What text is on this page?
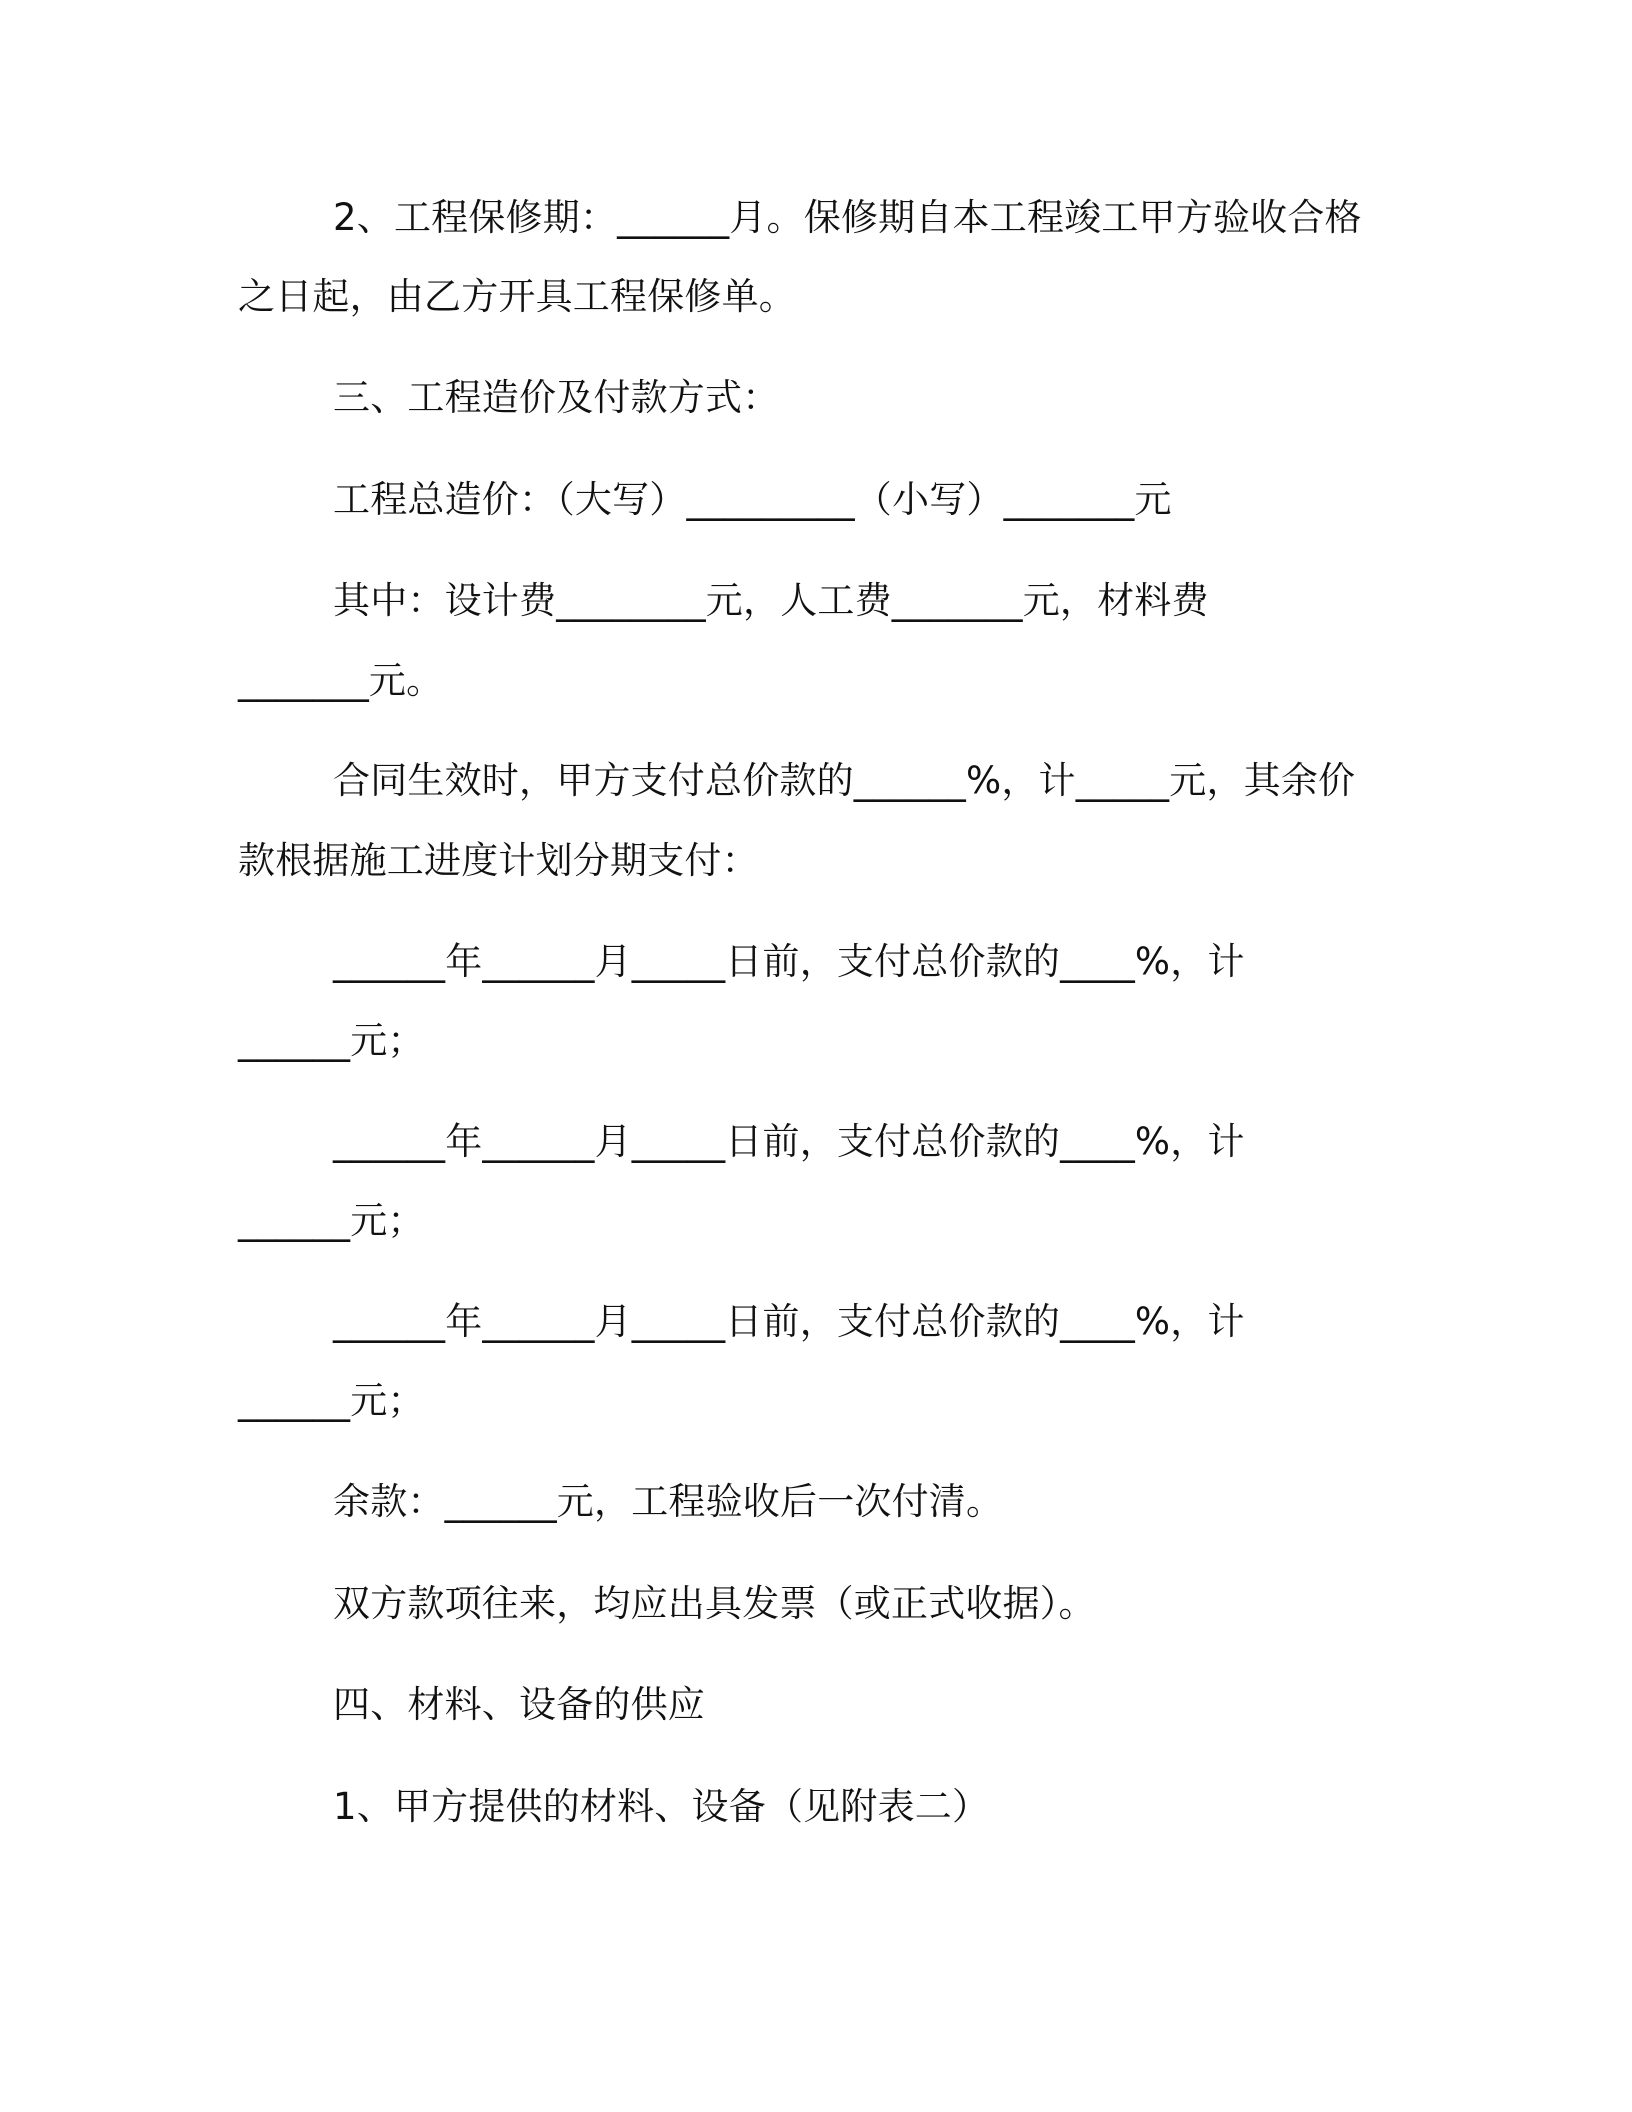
2、工程保修期：______月。保修期自本工程竣工甲方验收合格
之日起，由乙方开具工程保修单。
三、工程造价及付款方式：
工程总造价：（大写）_________（小写）_______元
其中：设计费________元，人工费_______元，材料费
_______元。
合同生效时，甲方支付总价款的______%，计_____元，其余价
款根据施工进度计划分期支付：
______年______月_____日前，支付总价款的____%，计
______元；
______年______月_____日前，支付总价款的____%，计
______元；
______年______月_____日前，支付总价款的____%，计
______元；
余款：______元，工程验收后一次付清。
双方款项往来，均应出具发票（或正式收据）。
四、材料、设备的供应
1、甲方提供的材料、设备（见附表二）
